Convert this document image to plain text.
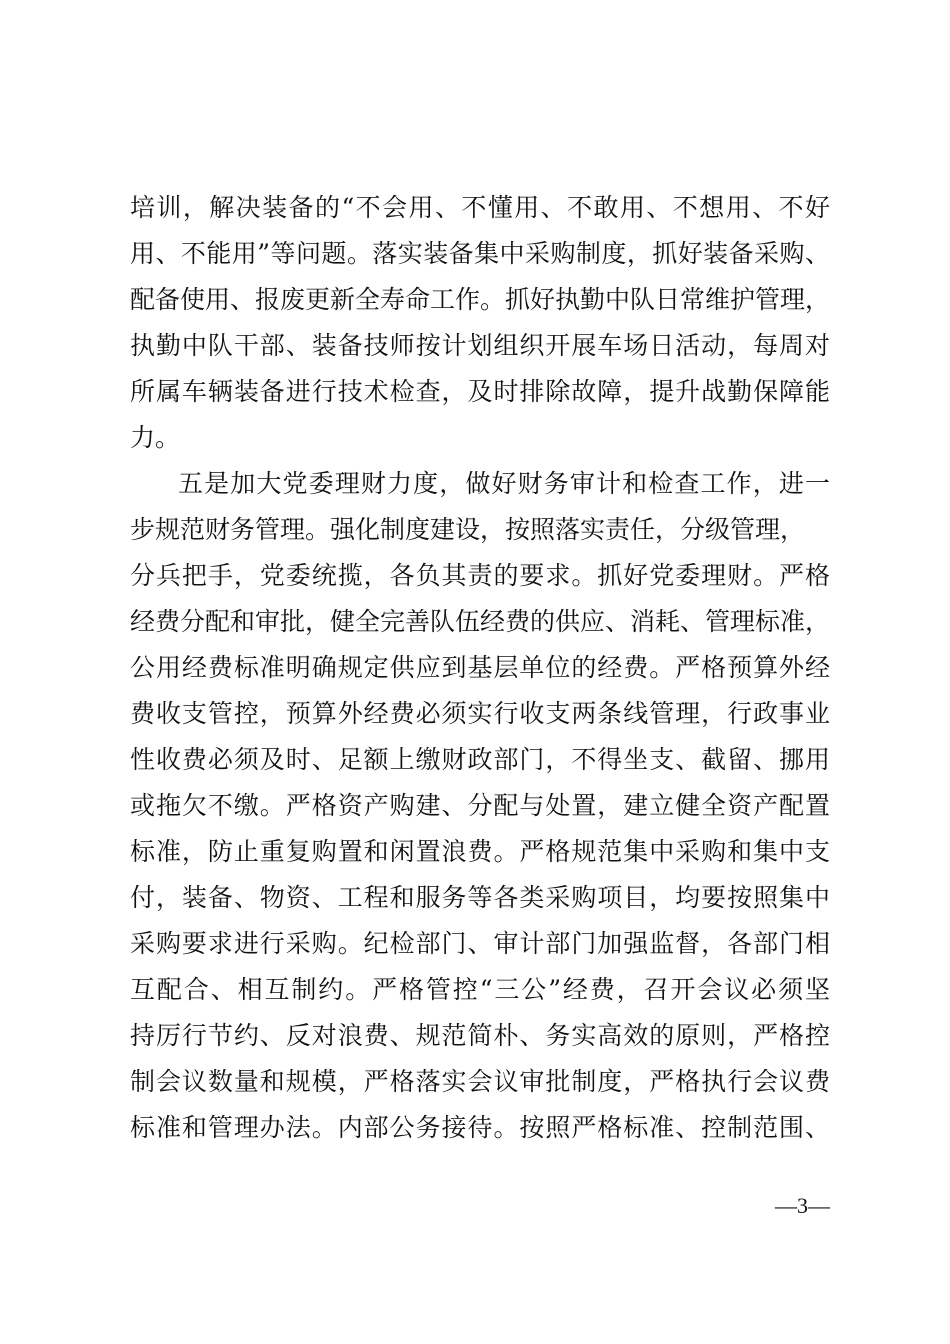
培训，解决装备的“不会用、不懂用、不敢用、不想用、不好
用、不能用”等问题。落实装备集中采购制度，抓好装备采购、
配备使用、报废更新全寿命工作。抓好执勤中队日常维护管理，
执勤中队干部、装备技师按计划组织开展车场日活动，每周对
所属车辆装备进行技术检查，及时排除故障，提升战勤保障能
力。
五是加大党委理财力度，做好财务审计和检查工作，进一
步规范财务管理。强化制度建设，按照落实责任，分级管理，
分兵把手，党委统揽，各负其责的要求。抓好党委理财。严格
经费分配和审批，健全完善队伍经费的供应、消耗、管理标准，
公用经费标准明确规定供应到基层单位的经费。严格预算外经
费收支管控，预算外经费必须实行收支两条线管理，行政事业
性收费必须及时、足额上缴财政部门，不得坐支、截留、挪用
或拖欠不缴。严格资产购建、分配与处置，建立健全资产配置
标准，防止重复购置和闲置浪费。严格规范集中采购和集中支
付，装备、物资、工程和服务等各类采购项目，均要按照集中
采购要求进行采购。纪检部门、审计部门加强监督，各部门相
互配合、相互制约。严格管控“三公”经费，召开会议必须坚
持厉行节约、反对浪费、规范简朴、务实高效的原则，严格控
制会议数量和规模，严格落实会议审批制度，严格执行会议费
标准和管理办法。内部公务接待。按照严格标准、控制范围、
—3—
